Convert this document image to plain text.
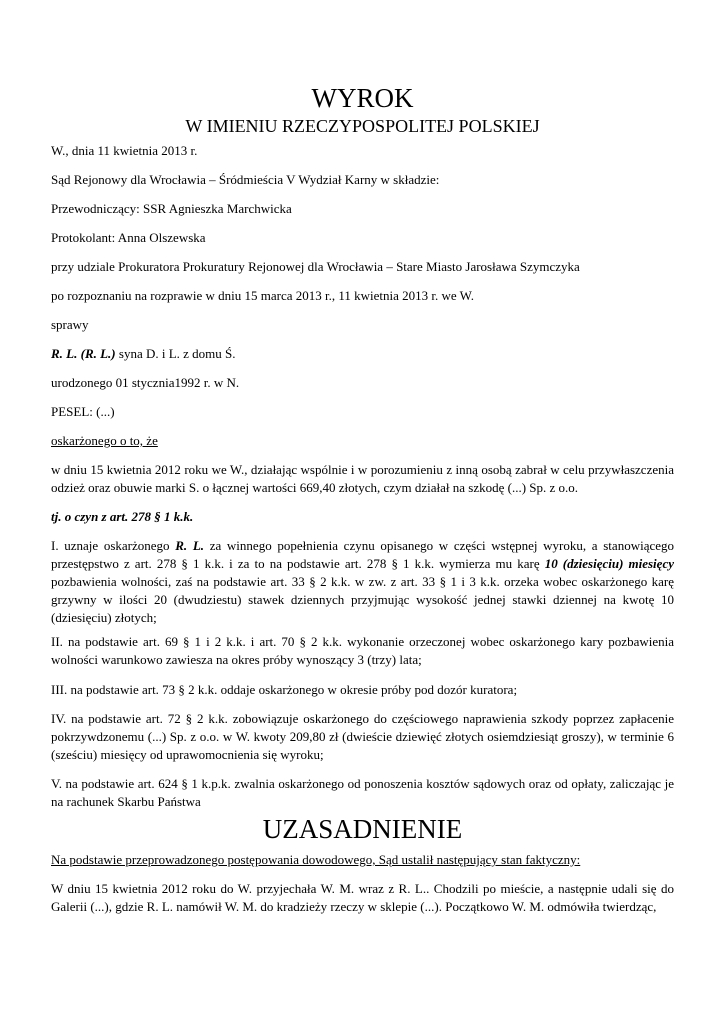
WYROK
W IMIENIU RZECZYPOSPOLITEJ POLSKIEJ
W., dnia 11 kwietnia 2013 r.
Sąd Rejonowy dla Wrocławia – Śródmieścia V Wydział Karny w składzie:
Przewodniczący: SSR Agnieszka Marchwicka
Protokolant: Anna Olszewska
przy udziale Prokuratora Prokuratury Rejonowej dla Wrocławia – Stare Miasto Jarosława Szymczyka
po rozpoznaniu na rozprawie w dniu 15 marca 2013 r., 11 kwietnia 2013 r. we W.
sprawy
R. L. (R. L.) syna D. i L. z domu Ś.
urodzonego 01 stycznia1992 r. w N.
PESEL: (...)
oskarżonego o to, że
w dniu 15 kwietnia 2012 roku we W., działając wspólnie i w porozumieniu z inną osobą zabrał w celu przywłaszczenia odzież oraz obuwie marki S. o łącznej wartości 669,40 złotych, czym działał na szkodę (...) Sp. z o.o.
tj. o czyn z art. 278 § 1 k.k.
I. uznaje oskarżonego R. L. za winnego popełnienia czynu opisanego w części wstępnej wyroku, a stanowiącego przestępstwo z art. 278 § 1 k.k. i za to na podstawie art. 278 § 1 k.k. wymierza mu karę 10 (dziesięciu) miesięcy pozbawienia wolności, zaś na podstawie art. 33 § 2 k.k. w zw. z art. 33 § 1 i 3 k.k. orzeka wobec oskarżonego karę grzywny w ilości 20 (dwudziestu) stawek dziennych przyjmując wysokość jednej stawki dziennej na kwotę 10 (dziesięciu) złotych;
II. na podstawie art. 69 § 1 i 2 k.k. i art. 70 § 2 k.k. wykonanie orzeczonej wobec oskarżonego kary pozbawienia wolności warunkowo zawiesza na okres próby wynoszący 3 (trzy) lata;
III. na podstawie art. 73 § 2 k.k. oddaje oskarżonego w okresie próby pod dozór kuratora;
IV. na podstawie art. 72 § 2 k.k. zobowiązuje oskarżonego do częściowego naprawienia szkody poprzez zapłacenie pokrzywdzonemu (...) Sp. z o.o. w W. kwoty 209,80 zł (dwieście dziewięć złotych osiemdziesiąt groszy), w terminie 6 (sześciu) miesięcy od uprawomocnienia się wyroku;
V. na podstawie art. 624 § 1 k.p.k. zwalnia oskarżonego od ponoszenia kosztów sądowych oraz od opłaty, zaliczając je na rachunek Skarbu Państwa
UZASADNIENIE
Na podstawie przeprowadzonego postępowania dowodowego, Sąd ustalił następujący stan faktyczny:
W dniu 15 kwietnia 2012 roku do W. przyjechała W. M. wraz z R. L.. Chodzili po mieście, a następnie udali się do Galerii (...), gdzie R. L. namówił W. M. do kradzieży rzeczy w sklepie (...). Początkowo W. M. odmówiła twierdząc,
